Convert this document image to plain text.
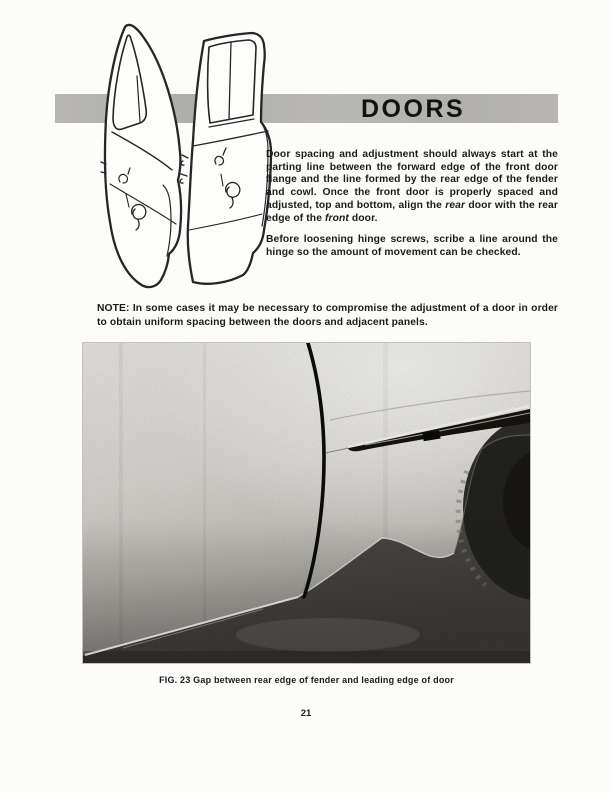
DOORS

Door spacing and adjustment should always start at the parting line between the forward edge of the front door flange and the line formed by the rear edge of the fender and cowl. Once the front door is properly spaced and adjusted, top and bottom, align the rear door with the rear edge of the front door.

Before loosening hinge screws, scribe a line around the hinge so the amount of movement can be checked.

NOTE: In some cases it may be necessary to compromise the adjustment of a door in order to obtain uniform spacing between the doors and adjacent panels.
FIG. 23 Gap between rear edge of fender and leading edge of door
21
